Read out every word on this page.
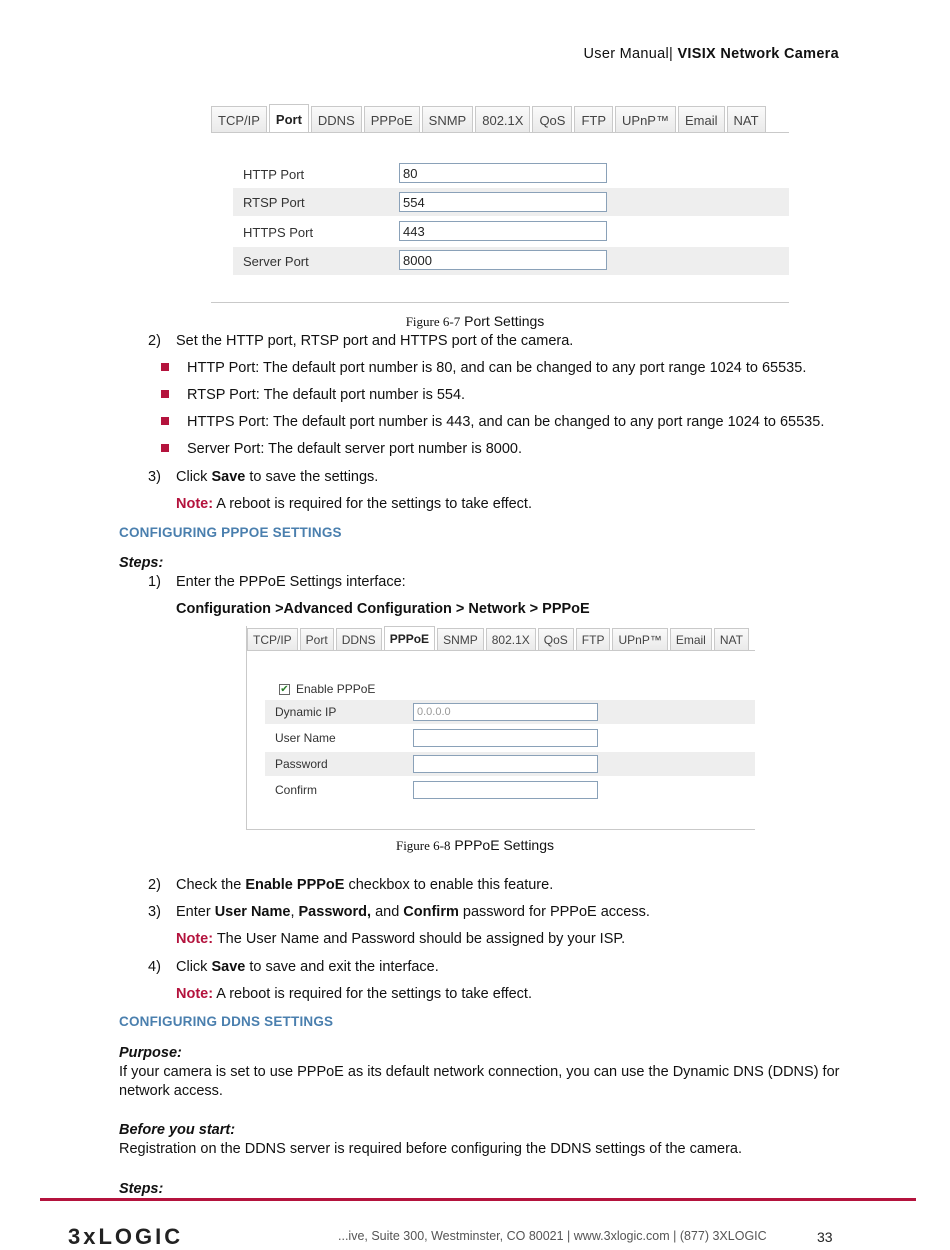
User Manual| VISIX Network Camera
TCP/IP	Port	DDNS	PPPoE	SNMP	802.1X	QoS	FTP	UPnP™	Email	NAT
HTTP Port	80
RTSP Port	554
HTTPS Port	443
Server Port	8000
Figure 6-7 Port Settings
2) Set the HTTP port, RTSP port and HTTPS port of the camera.
HTTP Port: The default port number is 80, and can be changed to any port range 1024 to 65535.
RTSP Port: The default port number is 554.
HTTPS Port: The default port number is 443, and can be changed to any port range 1024 to 65535.
Server Port: The default server port number is 8000.
3) Click Save to save the settings.
Note: A reboot is required for the settings to take effect.
CONFIGURING PPPOE SETTINGS
Steps:
1) Enter the PPPoE Settings interface:
Configuration >Advanced Configuration > Network > PPPoE
TCP/IP	Port	DDNS	PPPoE	SNMP	802.1X	QoS	FTP	UPnP™	Email	NAT
✔ Enable PPPoE
Dynamic IP	0.0.0.0
User Name
Password
Confirm
Figure 6-8 PPPoE Settings
2) Check the Enable PPPoE checkbox to enable this feature.
3) Enter User Name, Password, and Confirm password for PPPoE access.
Note: The User Name and Password should be assigned by your ISP.
4) Click Save to save and exit the interface.
Note: A reboot is required for the settings to take effect.
CONFIGURING DDNS SETTINGS
Purpose:
If your camera is set to use PPPoE as its default network connection, you can use the Dynamic DNS (DDNS) for
network access.
Before you start:
Registration on the DDNS server is required before configuring the DDNS settings of the camera.
Steps:
3xLOGIC	...ive, Suite 300, Westminster, CO 80021 | www.3xlogic.com | (877) 3XLOGIC	33
